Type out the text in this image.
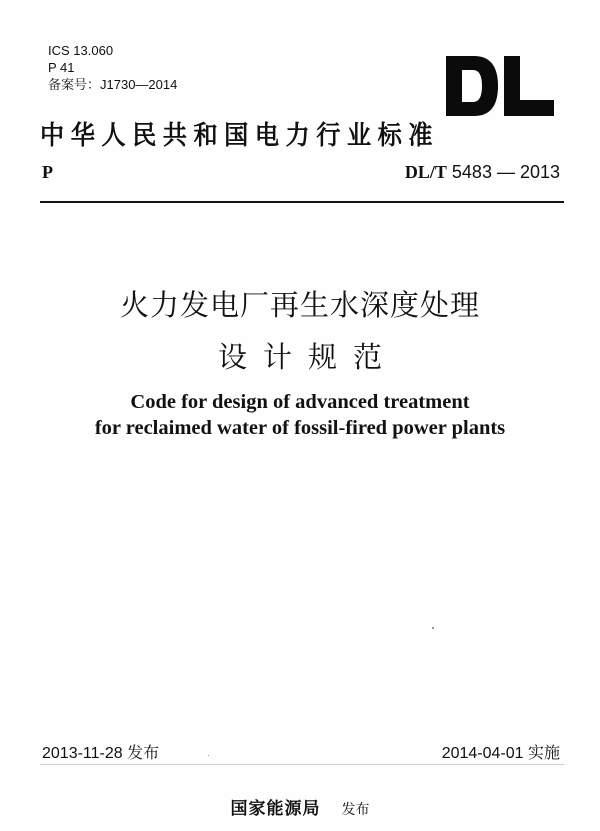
ICS 13.060
P 41
备案号：J1730—2014
中华人民共和国电力行业标准
P	DL/T 5483 — 2013
火力发电厂再生水深度处理
设计规范
Code for design of advanced treatment
for reclaimed water of fossil-fired power plants
2013-11-28 发布	2014-04-01 实施
国家能源局 发布
